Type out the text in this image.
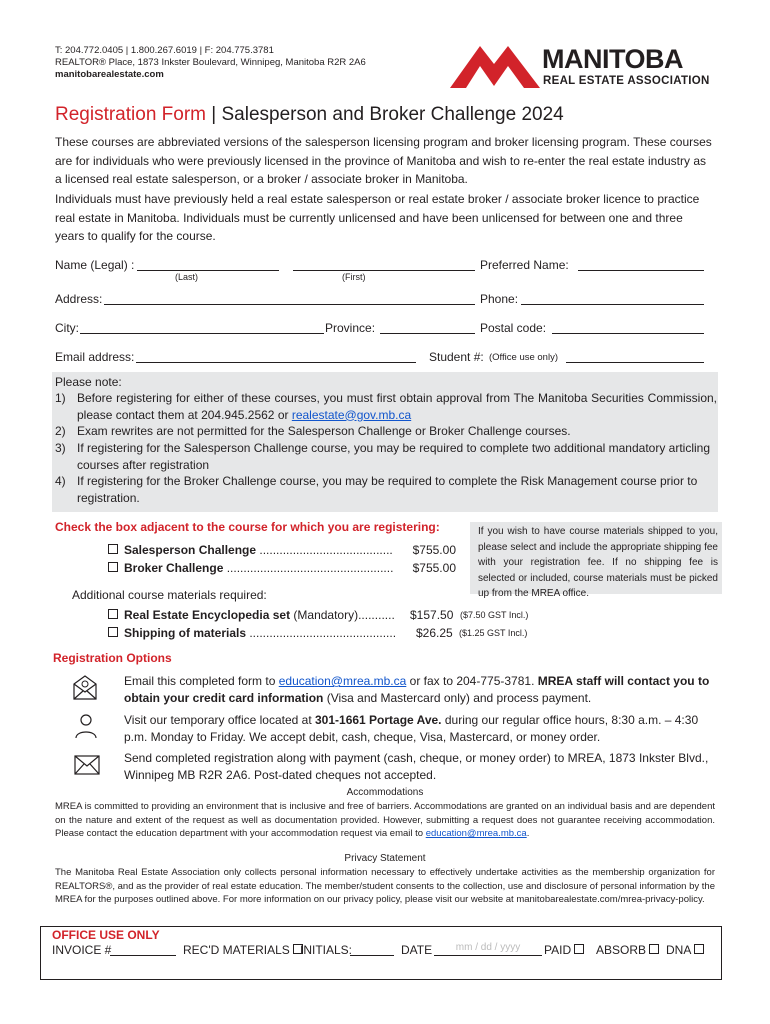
T: 204.772.0405 | 1.800.267.6019 | F: 204.775.3781
REALTOR® Place, 1873 Inkster Boulevard, Winnipeg, Manitoba R2R 2A6
manitobarealestate.com
MANITOBA
REAL ESTATE ASSOCIATION
Registration Form | Salesperson and Broker Challenge 2024
These courses are abbreviated versions of the salesperson licensing program and broker licensing program. These courses are for individuals who were previously licensed in the province of Manitoba and wish to re-enter the real estate industry as a licensed real estate salesperson, or a broker / associate broker in Manitoba.
Individuals must have previously held a real estate salesperson or real estate broker / associate broker licence to practice real estate in Manitoba. Individuals must be currently unlicensed and have been unlicensed for between one and three years to qualify for the course.
Name (Legal) :
(Last)	(First)
Preferred Name:
Address:	Phone:
City:	Province:	Postal code:
Email address:	Student #: (Office use only)
Please note:
1) Before registering for either of these courses, you must first obtain approval from The Manitoba Securities Commission, please contact them at 204.945.2562 or realestate@gov.mb.ca
2) Exam rewrites are not permitted for the Salesperson Challenge or Broker Challenge courses.
3) If registering for the Salesperson Challenge course, you may be required to complete two additional mandatory articling courses after registration
4) If registering for the Broker Challenge course, you may be required to complete the Risk Management course prior to registration.
Check the box adjacent to the course for which you are registering:
Salesperson Challenge ........................................ $755.00
Broker Challenge .................................................. $755.00
If you wish to have course materials shipped to you, please select and include the appropriate shipping fee with your registration fee. If no shipping fee is selected or included, course materials must be picked up from the MREA office.
Additional course materials required:
Real Estate Encyclopedia set (Mandatory)........... $157.50 ($7.50 GST Incl.)
Shipping of materials ............................................ $26.25 ($1.25 GST Incl.)
Registration Options
Email this completed form to education@mrea.mb.ca or fax to 204-775-3781. MREA staff will contact you to obtain your credit card information (Visa and Mastercard only) and process payment.
Visit our temporary office located at 301-1661 Portage Ave. during our regular office hours, 8:30 a.m. – 4:30 p.m. Monday to Friday. We accept debit, cash, cheque, Visa, Mastercard, or money order.
Send completed registration along with payment (cash, cheque, or money order) to MREA, 1873 Inkster Blvd., Winnipeg MB R2R 2A6. Post-dated cheques not accepted.
Accommodations
MREA is committed to providing an environment that is inclusive and free of barriers. Accommodations are granted on an individual basis and are dependent on the nature and extent of the request as well as documentation provided. However, submitting a request does not guarantee receiving accommodation. Please contact the education department with your accommodation request via email to education@mrea.mb.ca.
Privacy Statement
The Manitoba Real Estate Association only collects personal information necessary to effectively undertake activities as the membership organization for REALTORS®, and as the provider of real estate education. The member/student consents to the collection, use and disclosure of personal information by the MREA for the purposes outlined above. For more information on our privacy policy, please visit our website at manitobarealestate.com/mrea-privacy-policy.
OFFICE USE ONLY
INVOICE #	REC'D MATERIALS INITIALS:	DATE	mm / dd / yyyy	PAID	ABSORB	DNA
